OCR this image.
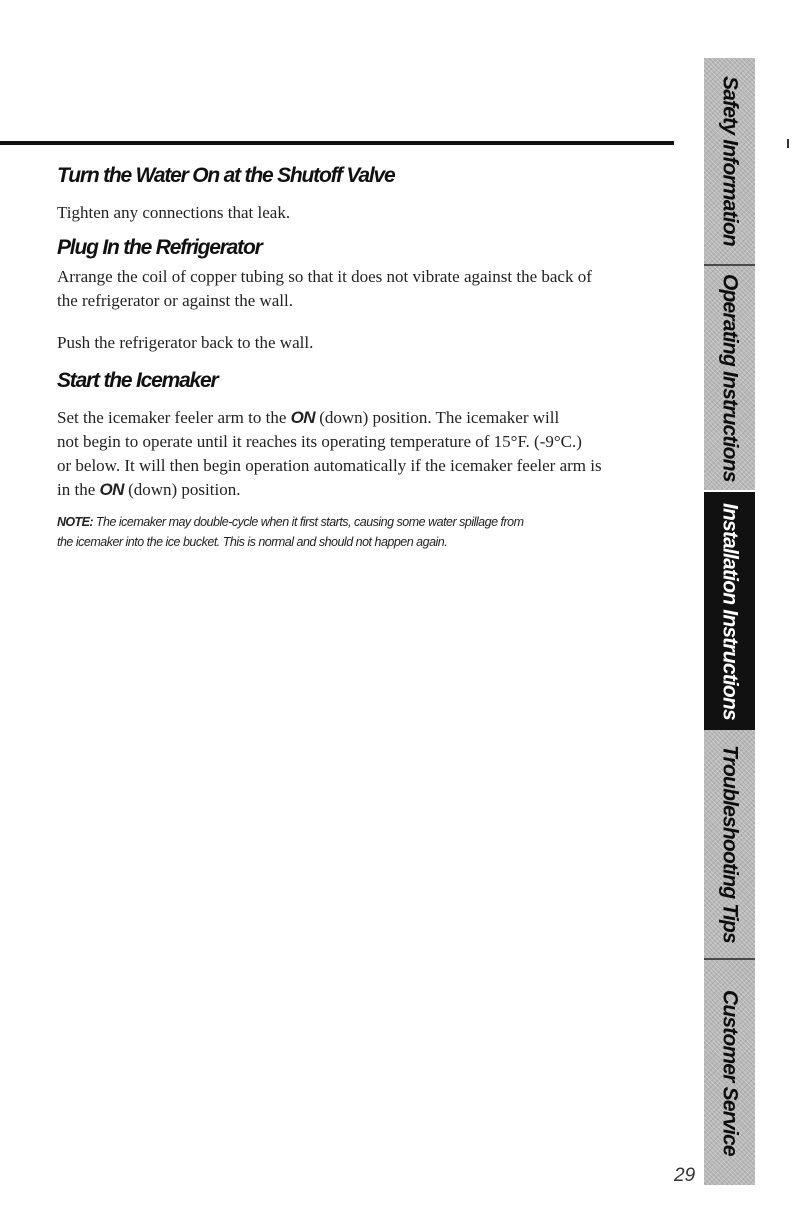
Turn the Water On at the Shutoff Valve

Tighten any connections that leak.

Plug In the Refrigerator

Arrange the coil of copper tubing so that it does not vibrate against the back of

the refrigerator or against the wall.

Push the refrigerator back to the wall.

Start the Icemaker

Set the icemaker feeler arm to the ON (down) position. The icemaker will

not begin to operate until it reaches its operating temperature of 15°F. (-9°C.)

or below. It will then begin operation automatically if the icemaker feeler arm is

in the ON (down) position.

NOTE: The icemaker may double-cycle when it first starts, causing some water spillage from

the icemaker into the ice bucket. This is normal and should not happen again.

29
Safety Information
Operating Instructions
Installation Instructions
Troubleshooting Tips
Customer Service
